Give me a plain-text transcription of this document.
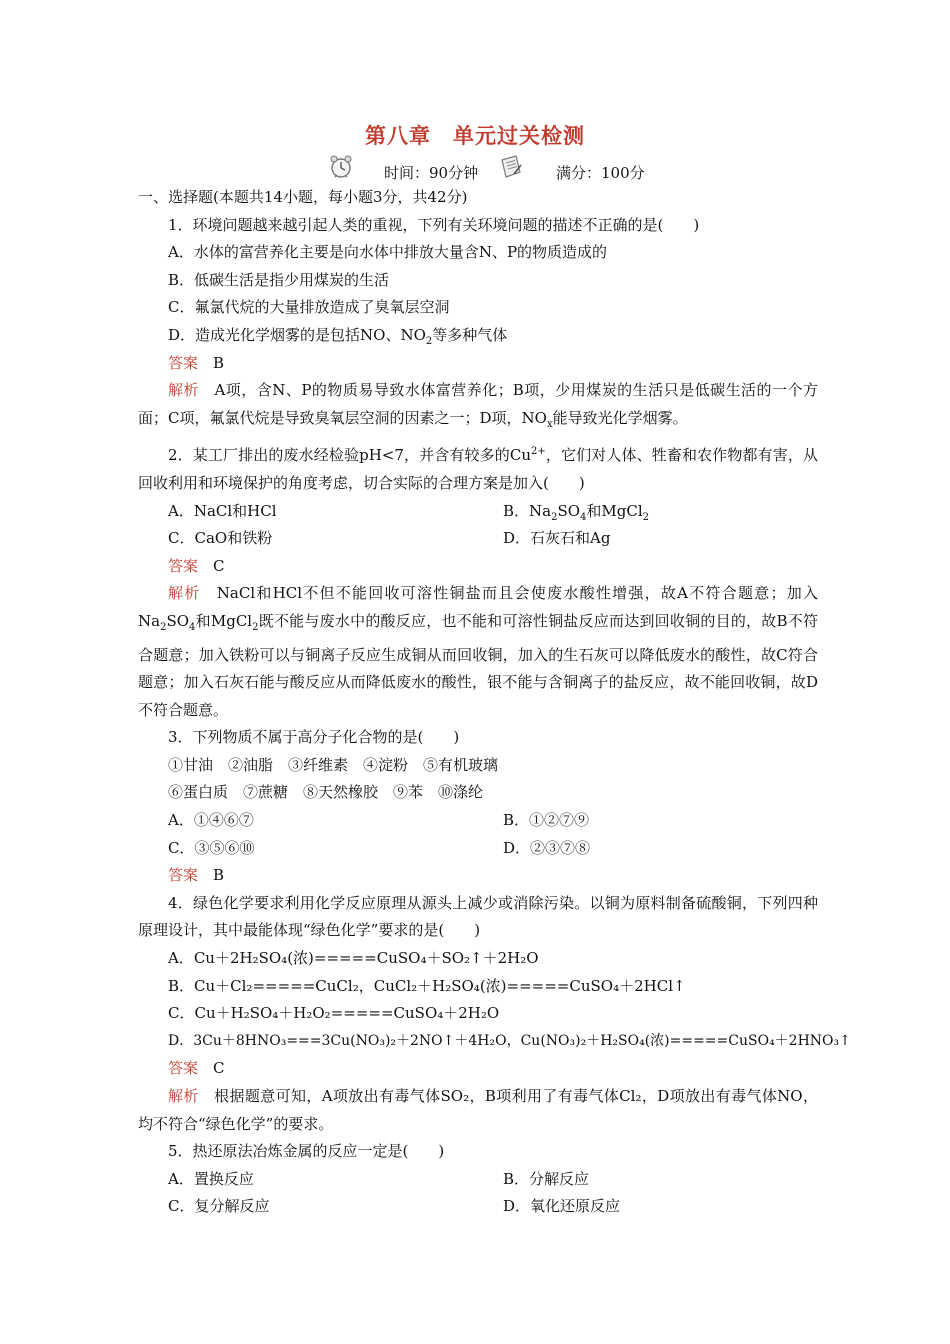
第八章　单元过关检测
时间：90分钟	满分：100分
一、选择题(本题共14小题，每小题3分，共42分)
1．环境问题越来越引起人类的重视，下列有关环境问题的描述不正确的是(　　)
A．水体的富营养化主要是向水体中排放大量含N、P的物质造成的
B．低碳生活是指少用煤炭的生活
C．氟氯代烷的大量排放造成了臭氧层空洞
D．造成光化学烟雾的是包括NO、$NO_2$等多种气体
答案　 B
解析　 A项，含N、P的物质易导致水体富营养化；B项，少用煤炭的生活只是低碳生活的一个方面；C项，氟氯代烷是导致臭氧层空洞的因素之一；D项，$NO_x$能导致光化学烟雾。
2．某工厂排出的废水经检验pH<7，并含有较多的$Cu^{2+}$，它们对人体、牲畜和农作物都有害，从回收利用和环境保护的角度考虑，切合实际的合理方案是加入(　　)
A．NaCl和HCl	B．$Na_2SO_4$和MgCl$_2$
C．CaO和铁粉	D．石灰石和Ag
答案　 C
解析　 NaCl和HCl不但不能回收可溶性铜盐而且会使废水酸性增强，故A不符合题意；加入$Na_2SO_4$和MgCl$_2$既不能与废水中的酸反应，也不能和可溶性铜盐反应而达到回收铜的目的，故B不符合题意；加入铁粉可以与铜离子反应生成铜从而回收铜，加入的生石灰可以降低废水的酸性，故C符合题意；加入石灰石能与酸反应从而降低废水的酸性，银不能与含铜离子的盐反应，故不能回收铜，故D不符合题意。
3．下列物质不属于高分子化合物的是(　　)
①甘油　②油脂　③纤维素　④淀粉　⑤有机玻璃
⑥蛋白质　⑦蔗糖　⑧天然橡胶　⑨苯　⑩涤纶
A．①④⑥⑦	B．①②⑦⑨
C．③⑤⑥⑩	D．②③⑦⑧
答案　 B
4．绿色化学要求利用化学反应原理从源头上减少或消除污染。以铜为原料制备硫酸铜，下列四种原理设计，其中最能体现“绿色化学”要求的是(　　)
A．Cu＋2H₂SO₄(浓)=====CuSO₄＋SO₂↑＋2H₂O
B．Cu＋Cl₂=====CuCl₂，CuCl₂＋H₂SO₄(浓)=====CuSO₄＋2HCl↑
C．Cu＋H₂SO₄＋H₂O₂=====CuSO₄＋2H₂O
D．3Cu＋8HNO₃===3Cu(NO₃)₂＋2NO↑＋4H₂O，Cu(NO₃)₂＋H₂SO₄(浓)=====CuSO₄＋2HNO₃↑
答案　 C
解析　 根据题意可知，A项放出有毒气体SO₂，B项利用了有毒气体Cl₂，D项放出有毒气体NO，均不符合“绿色化学”的要求。
5．热还原法冶炼金属的反应一定是(　　)
A．置换反应	B．分解反应
C．复分解反应	D．氧化还原反应
